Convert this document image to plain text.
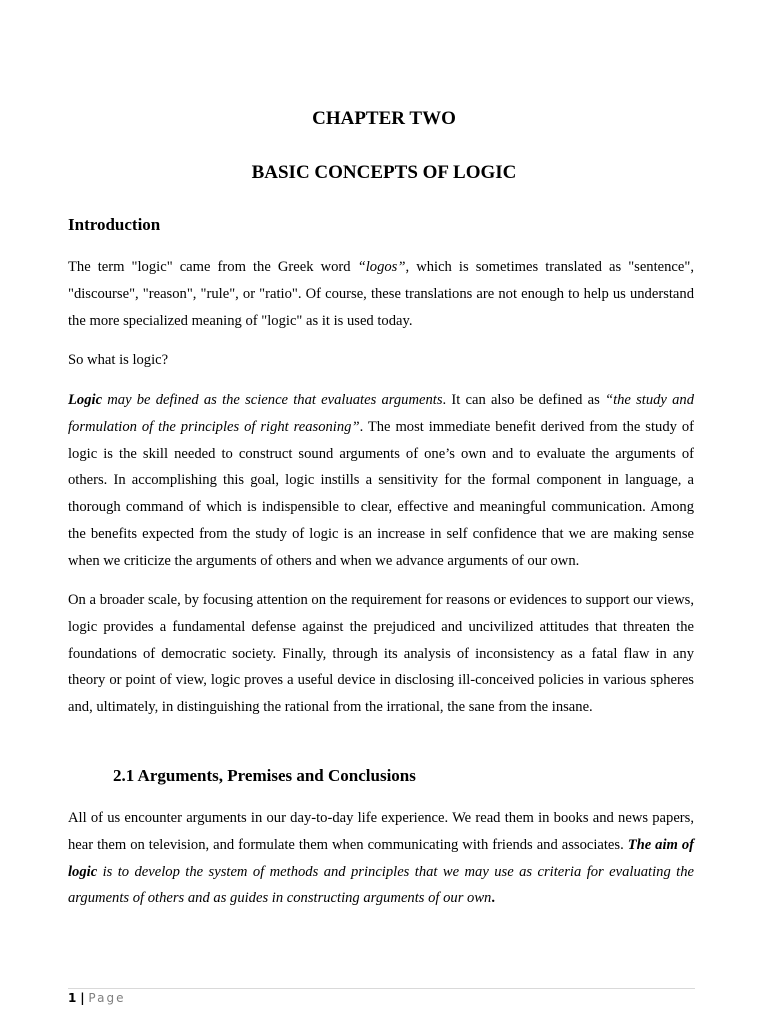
CHAPTER TWO
BASIC CONCEPTS OF LOGIC
Introduction

The term "logic" came from the Greek word “logos”, which is sometimes translated as "sentence", "discourse", "reason", "rule", or "ratio". Of course, these translations are not enough to help us understand the more specialized meaning of "logic" as it is used today.

So what is logic?

Logic may be defined as the science that evaluates arguments. It can also be defined as “the study and formulation of the principles of right reasoning”. The most immediate benefit derived from the study of logic is the skill needed to construct sound arguments of one’s own and to evaluate the arguments of others. In accomplishing this goal, logic instills a sensitivity for the formal component in language, a thorough command of which is indispensible to clear, effective and meaningful communication. Among the benefits expected from the study of logic is an increase in self confidence that we are making sense when we criticize the arguments of others and when we advance arguments of our own.

On a broader scale, by focusing attention on the requirement for reasons or evidences to support our views, logic provides a fundamental defense against the prejudiced and uncivilized attitudes that threaten the foundations of democratic society. Finally, through its analysis of inconsistency as a fatal flaw in any theory or point of view, logic proves a useful device in disclosing ill-conceived policies in various spheres and, ultimately, in distinguishing the rational from the irrational, the sane from the insane.

2.1 Arguments, Premises and Conclusions

All of us encounter arguments in our day-to-day life experience. We read them in books and news papers, hear them on television, and formulate them when communicating with friends and associates. The aim of logic is to develop the system of methods and principles that we may use as criteria for evaluating the arguments of others and as guides in constructing arguments of our own.

1 | Page
